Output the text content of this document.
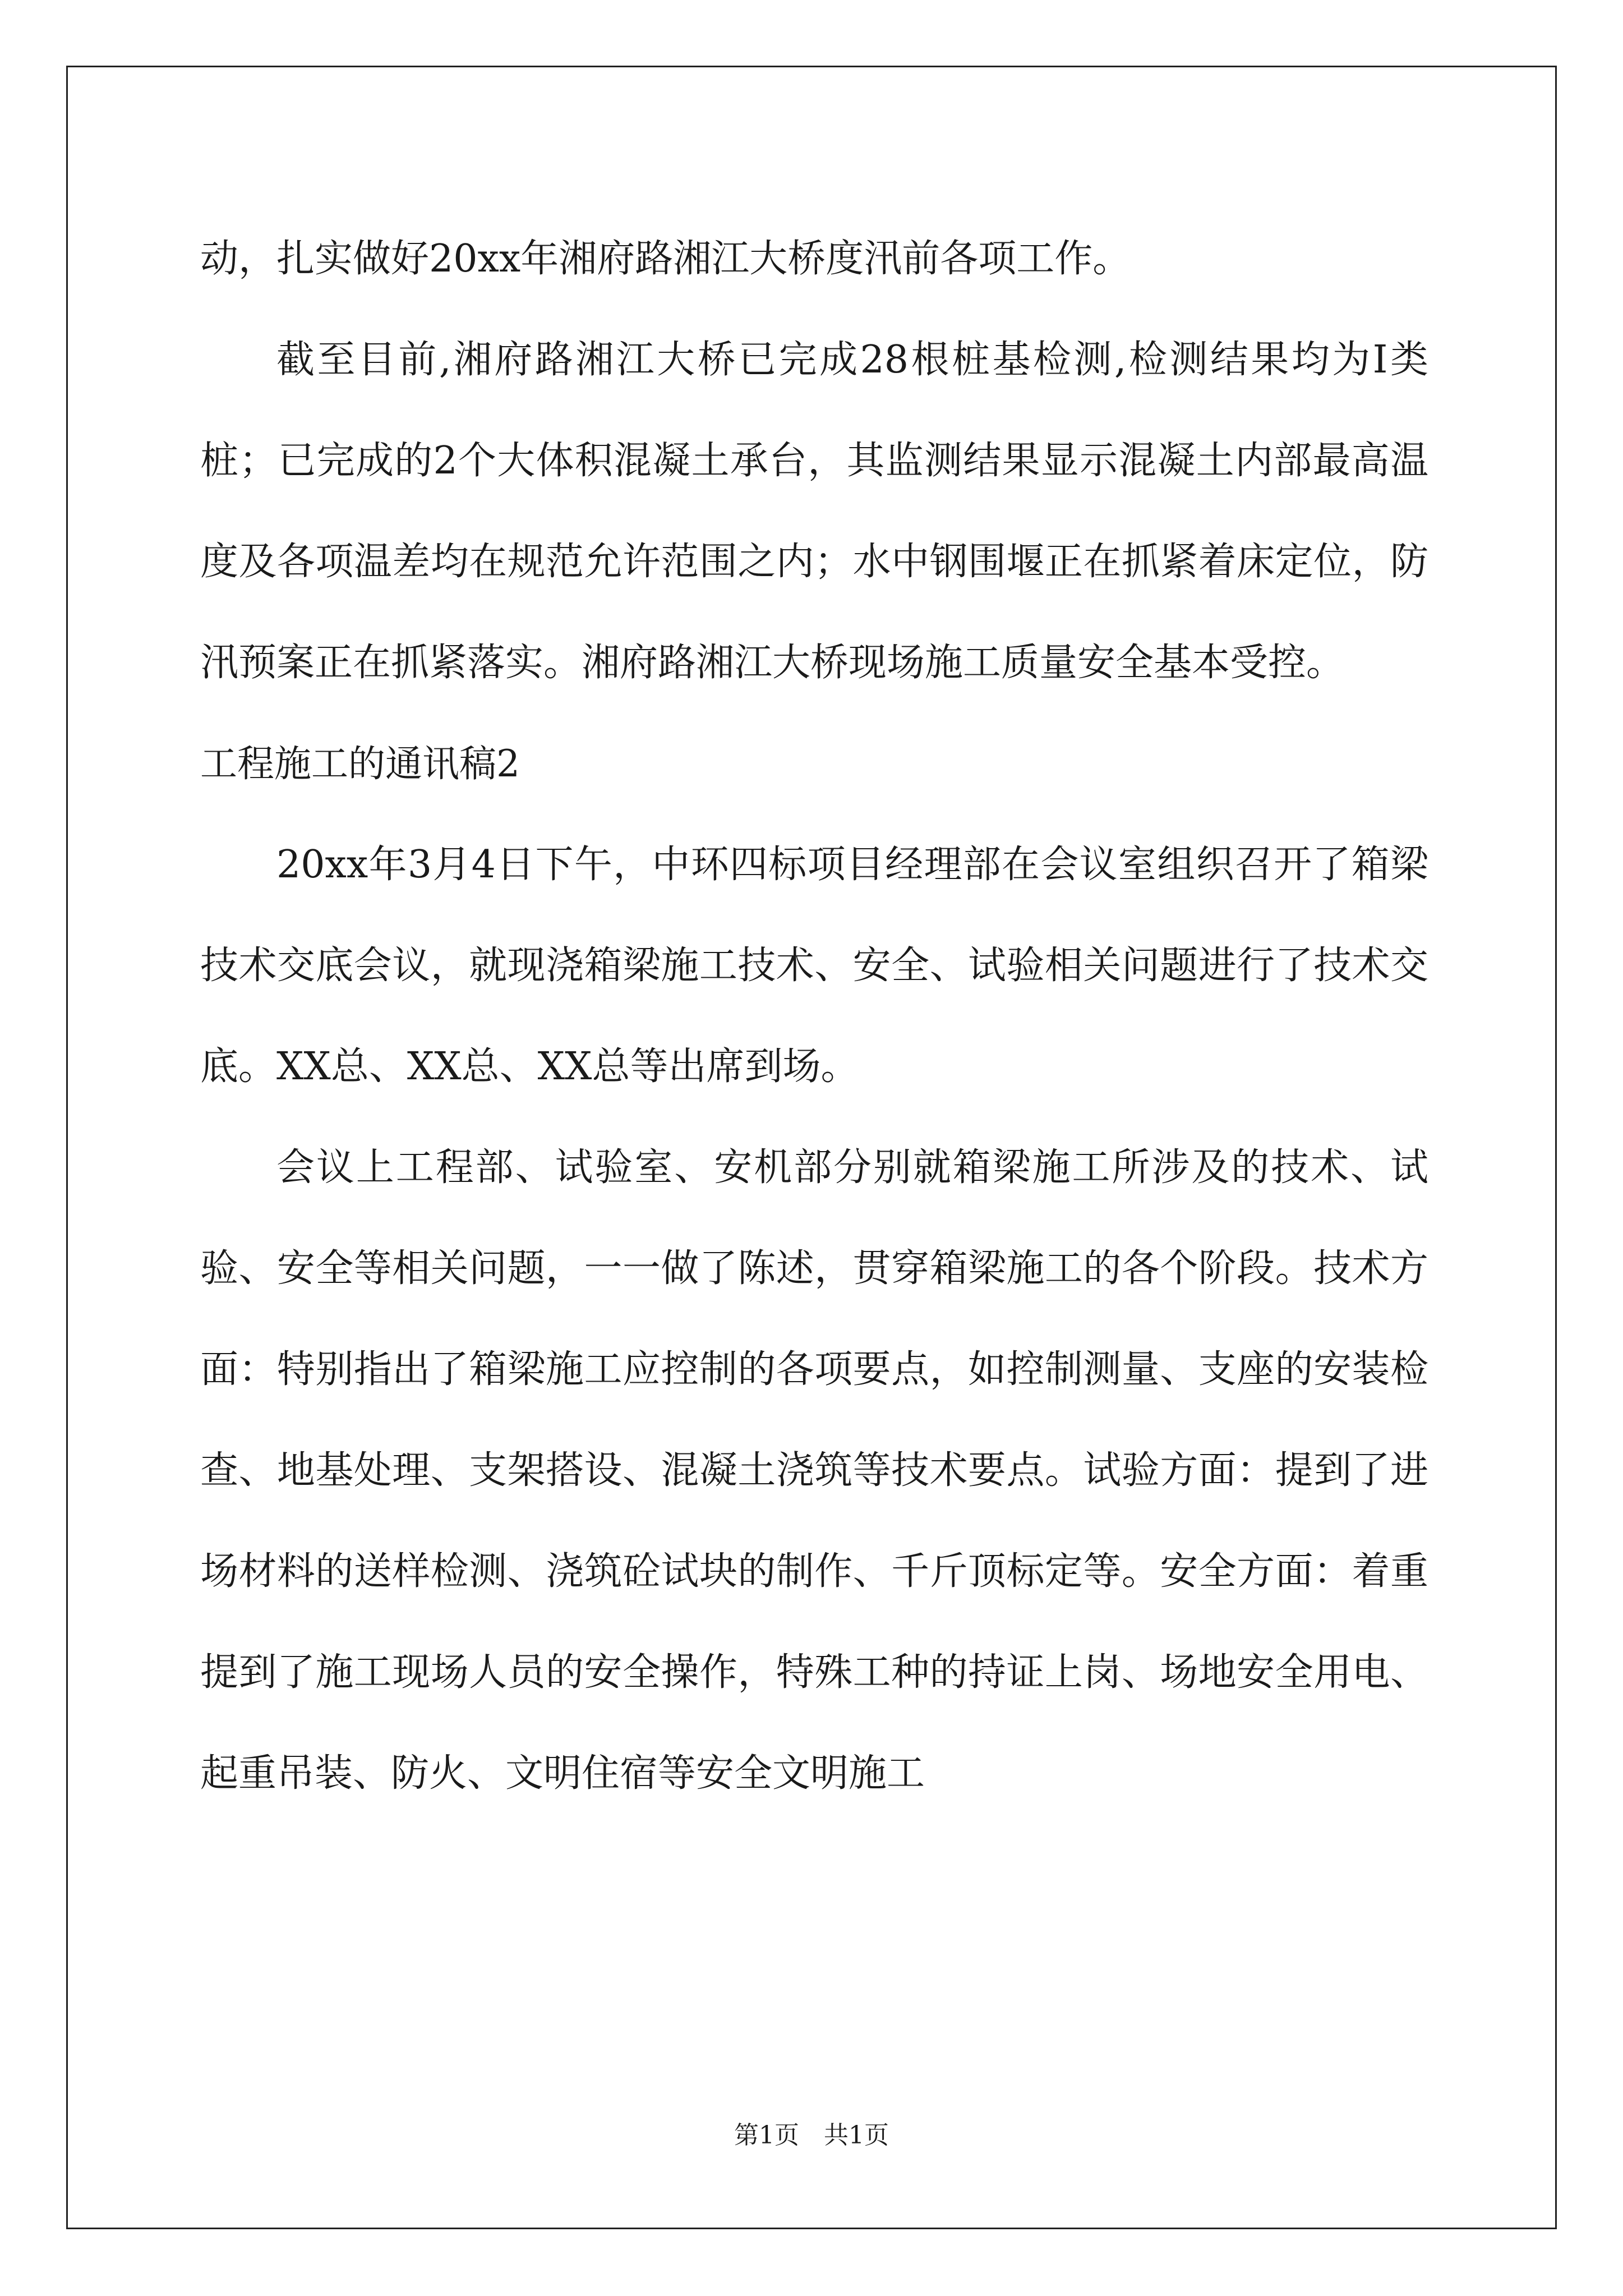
动，扎实做好20xx年湘府路湘江大桥度汛前各项工作。

截至目前,湘府路湘江大桥已完成28根桩基检测,检测结果均为Ⅰ类桩；已完成的2个大体积混凝土承台，其监测结果显示混凝土内部最高温度及各项温差均在规范允许范围之内；水中钢围堰正在抓紧着床定位，防汛预案正在抓紧落实。湘府路湘江大桥现场施工质量安全基本受控。

工程施工的通讯稿2

20xx年3月4日下午，中环四标项目经理部在会议室组织召开了箱梁技术交底会议，就现浇箱梁施工技术、安全、试验相关问题进行了技术交底。XX总、XX总、XX总等出席到场。

会议上工程部、试验室、安机部分别就箱梁施工所涉及的技术、试验、安全等相关问题，一一做了陈述，贯穿箱梁施工的各个阶段。技术方面：特别指出了箱梁施工应控制的各项要点，如控制测量、支座的安装检查、地基处理、支架搭设、混凝土浇筑等技术要点。试验方面：提到了进场材料的送样检测、浇筑砼试块的制作、千斤顶标定等。安全方面：着重提到了施工现场人员的安全操作，特殊工种的持证上岗、场地安全用电、起重吊装、防火、文明住宿等安全文明施工

第1页　共1页
